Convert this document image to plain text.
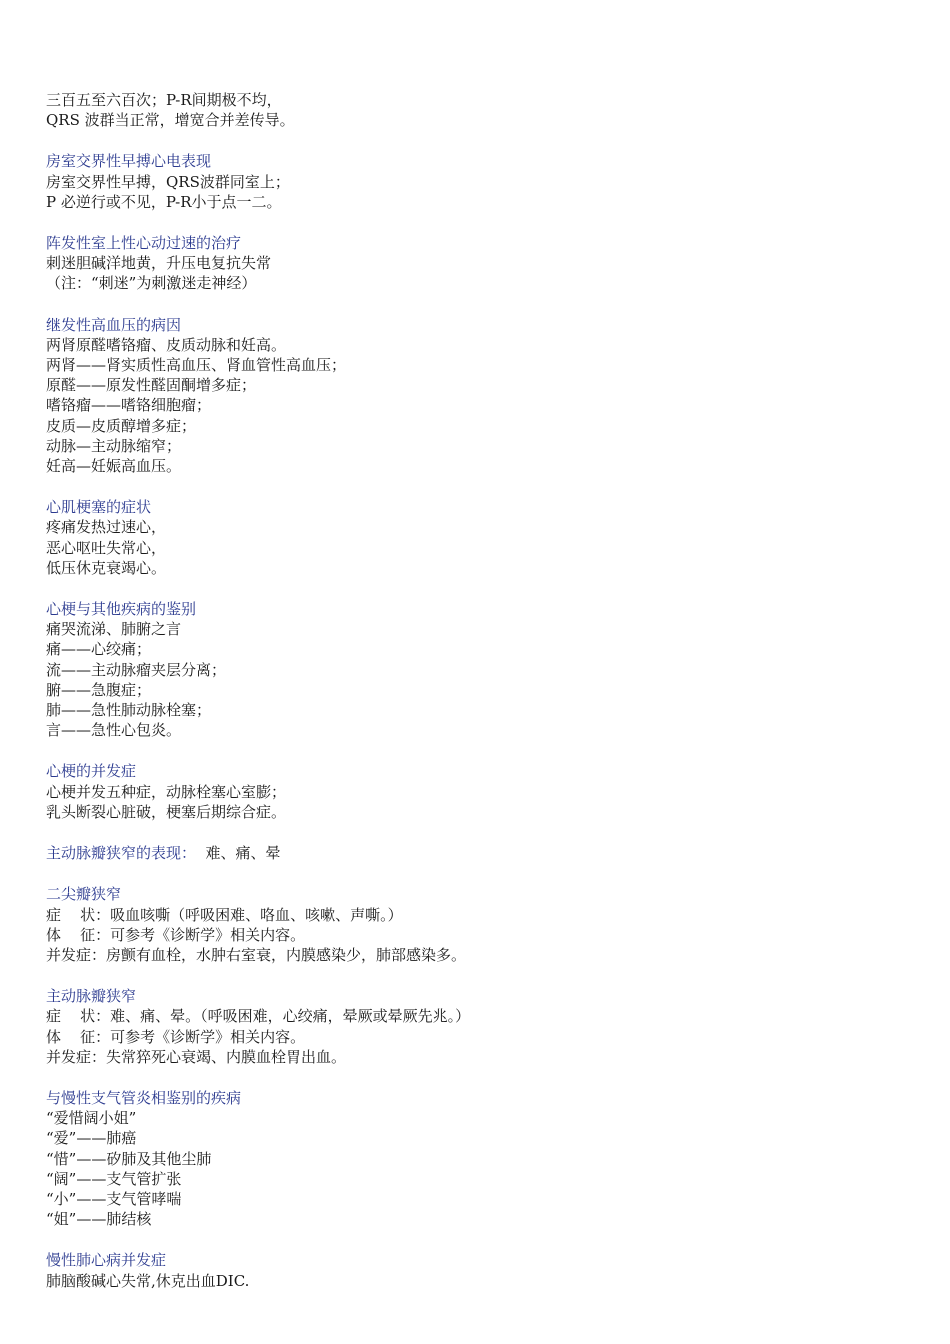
三百五至六百次；P-R间期极不均，
QRS 波群当正常，增宽合并差传导。
房室交界性早搏心电表现
房室交界性早搏，QRS波群同室上；
P 必逆行或不见，P-R小于点一二。
阵发性室上性心动过速的治疗
刺迷胆碱洋地黄，升压电复抗失常
（注：“刺迷”为刺激迷走神经）
继发性高血压的病因
两肾原醛嗜铬瘤、皮质动脉和妊高。
两肾——肾实质性高血压、肾血管性高血压；
原醛——原发性醛固酮增多症；
嗜铬瘤——嗜铬细胞瘤；
皮质—皮质醇增多症；
动脉—主动脉缩窄；
妊高—妊娠高血压。
心肌梗塞的症状
疼痛发热过速心，
恶心呕吐失常心，
低压休克衰竭心。
心梗与其他疾病的鉴别
痛哭流涕、肺腑之言
痛——心绞痛；
流——主动脉瘤夹层分离；
腑——急腹症；
肺——急性肺动脉栓塞；
言——急性心包炎。
心梗的并发症
心梗并发五种症，动脉栓塞心室膨；
乳头断裂心脏破，梗塞后期综合症。
主动脉瓣狭窄的表现：  难、痛、晕
二尖瓣狭窄
症    状：吸血咳嘶（呼吸困难、咯血、咳嗽、声嘶。）
体    征：可参考《诊断学》相关内容。
并发症：房颤有血栓，水肿右室衰，内膜感染少，肺部感染多。
主动脉瓣狭窄
症    状：难、痛、晕。（呼吸困难，心绞痛，晕厥或晕厥先兆。）
体    征：可参考《诊断学》相关内容。
并发症：失常猝死心衰竭、内膜血栓胃出血。
与慢性支气管炎相鉴别的疾病
“爱惜阔小姐”
“爱”——肺癌
“惜”——矽肺及其他尘肺
“阔”——支气管扩张
“小”——支气管哮喘
“姐”——肺结核
慢性肺心病并发症
肺脑酸碱心失常,休克出血DIC.
